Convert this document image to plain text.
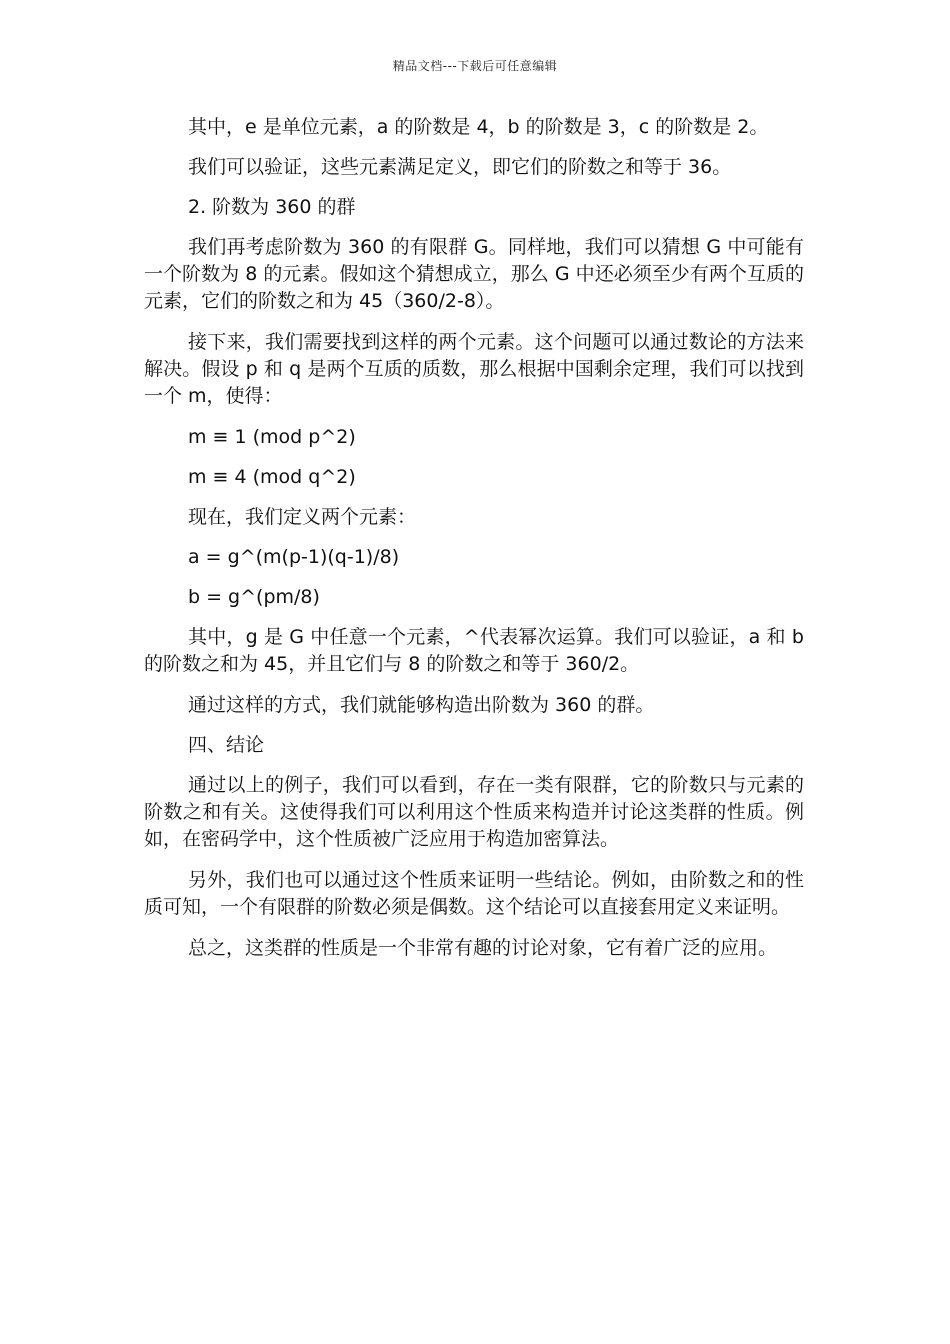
精品文档---下载后可任意编辑

其中，e 是单位元素，a 的阶数是 4，b 的阶数是 3，c 的阶数是 2。

我们可以验证，这些元素满足定义，即它们的阶数之和等于 36。

2. 阶数为 360 的群

我们再考虑阶数为 360 的有限群 G。同样地，我们可以猜想 G 中可能有一个阶数为 8 的元素。假如这个猜想成立，那么 G 中还必须至少有两个互质的元素，它们的阶数之和为 45（360/2-8）。

接下来，我们需要找到这样的两个元素。这个问题可以通过数论的方法来解决。假设 p 和 q 是两个互质的质数，那么根据中国剩余定理，我们可以找到一个 m，使得：

m ≡ 1 (mod p^2)

m ≡ 4 (mod q^2)

现在，我们定义两个元素：

a = g^(m(p-1)(q-1)/8)

b = g^(pm/8)

其中，g 是 G 中任意一个元素，^代表幂次运算。我们可以验证，a 和 b 的阶数之和为 45，并且它们与 8 的阶数之和等于 360/2。

通过这样的方式，我们就能够构造出阶数为 360 的群。

四、结论

通过以上的例子，我们可以看到，存在一类有限群，它的阶数只与元素的阶数之和有关。这使得我们可以利用这个性质来构造并讨论这类群的性质。例如，在密码学中，这个性质被广泛应用于构造加密算法。

另外，我们也可以通过这个性质来证明一些结论。例如，由阶数之和的性质可知，一个有限群的阶数必须是偶数。这个结论可以直接套用定义来证明。

总之，这类群的性质是一个非常有趣的讨论对象，它有着广泛的应用。
